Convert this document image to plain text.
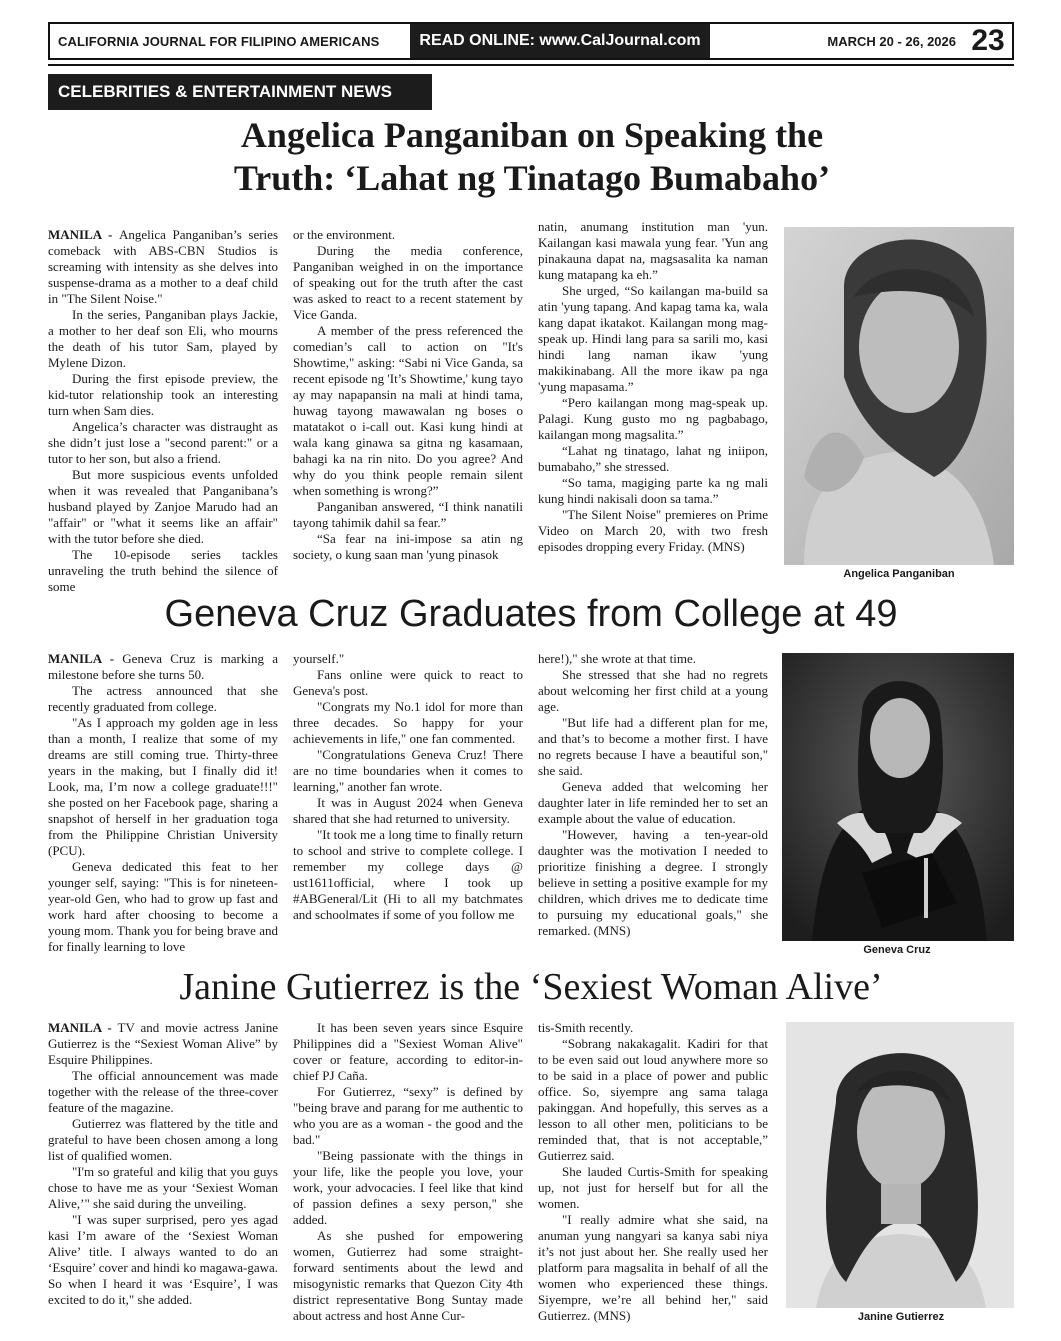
CALIFORNIA JOURNAL FOR FILIPINO AMERICANS	READ ONLINE: www.CalJournal.com	MARCH 20 - 26, 2026 23
CELEBRITIES & ENTERTAINMENT NEWS
Angelica Panganiban on Speaking the
Truth: ‘Lahat ng Tinatago Bumabaho’

MANILA - Angelica Panganiban’s series comeback with ABS-CBN Studios is screaming with intensity as she delves into suspense-drama as a mother to a deaf child in "The Silent Noise."

In the series, Panganiban plays Jackie, a mother to her deaf son Eli, who mourns the death of his tutor Sam, played by Mylene Dizon.

During the first episode preview, the kid-tutor relationship took an interesting turn when Sam dies.

Angelica’s character was distraught as she didn’t just lose a "second parent:" or a tutor to her son, but also a friend.

But more suspicious events unfolded when it was revealed that Panganibana’s husband played by Zanjoe Marudo had an "affair" or "what it seems like an affair" with the tutor before she died.

The 10-episode series tackles unraveling the truth behind the silence of some

or the environment.

During the media conference, Panganiban weighed in on the importance of speaking out for the truth after the cast was asked to react to a recent statement by Vice Ganda.

A member of the press referenced the comedian’s call to action on "It's Showtime," asking: “Sabi ni Vice Ganda, sa recent episode ng 'It’s Showtime,' kung tayo ay may napapansin na mali at hindi tama, huwag tayong mawawalan ng boses o matatakot o i-call out. Kasi kung hindi at wala kang ginawa sa gitna ng kasamaan, bahagi ka na rin nito. Do you agree? And why do you think people remain silent when something is wrong?”

Panganiban answered, “I think nanatili tayong tahimik dahil sa fear.”

“Sa fear na ini-impose sa atin ng society, o kung saan man 'yung pinasok

natin, anumang institution man 'yun. Kailangan kasi mawala yung fear. 'Yun ang pinakauna dapat na, magsasalita ka naman kung matapang ka eh.”

She urged, “So kailangan ma-build sa atin 'yung tapang. And kapag tama ka, wala kang dapat ikatakot. Kailangan mong mag-speak up. Hindi lang para sa sarili mo, kasi hindi lang naman ikaw 'yung makikinabang. All the more ikaw pa nga 'yung mapasama.”

“Pero kailangan mong mag-speak up. Palagi. Kung gusto mo ng pagbabago, kailangan mong magsalita.”

“Lahat ng tinatago, lahat ng iniipon, bumabaho,” she stressed.

“So tama, magiging parte ka ng mali kung hindi nakisali doon sa tama.”

"The Silent Noise" premieres on Prime Video on March 20, with two fresh episodes dropping every Friday. (MNS)

Angelica Panganiban
Geneva Cruz Graduates from College at 49

MANILA - Geneva Cruz is marking a milestone before she turns 50.

The actress announced that she recently graduated from college.

"As I approach my golden age in less than a month, I realize that some of my dreams are still coming true. Thirty-three years in the making, but I finally did it! Look, ma, I’m now a college graduate!!!" she posted on her Facebook page, sharing a snapshot of herself in her graduation toga from the Philippine Christian University (PCU).

Geneva dedicated this feat to her younger self, saying: "This is for nineteen-year-old Gen, who had to grow up fast and work hard after choosing to become a young mom. Thank you for being brave and for finally learning to love

yourself."

Fans online were quick to react to Geneva's post.

"Congrats my No.1 idol for more than three decades. So happy for your achievements in life," one fan commented.

"Congratulations Geneva Cruz! There are no time boundaries when it comes to learning," another fan wrote.

It was in August 2024 when Geneva shared that she had returned to university.

"It took me a long time to finally return to school and strive to complete college. I remember my college days @ ust1611official, where I took up #ABGeneral/Lit (Hi to all my batchmates and schoolmates if some of you follow me

here!)," she wrote at that time.

She stressed that she had no regrets about welcoming her first child at a young age.

"But life had a different plan for me, and that’s to become a mother first. I have no regrets because I have a beautiful son," she said.

Geneva added that welcoming her daughter later in life reminded her to set an example about the value of education.

"However, having a ten-year-old daughter was the motivation I needed to prioritize finishing a degree. I strongly believe in setting a positive example for my children, which drives me to dedicate time to pursuing my educational goals," she remarked. (MNS)

Geneva Cruz
Janine Gutierrez is the ‘Sexiest Woman Alive’

MANILA - TV and movie actress Janine Gutierrez is the “Sexiest Woman Alive” by Esquire Philippines.

The official announcement was made together with the release of the three-cover feature of the magazine.

Gutierrez was flattered by the title and grateful to have been chosen among a long list of qualified women.

"I'm so grateful and kilig that you guys chose to have me as your ‘Sexiest Woman Alive,’" she said during the unveiling.

"I was super surprised, pero yes agad kasi I’m aware of the ‘Sexiest Woman Alive’ title. I always wanted to do an ‘Esquire’ cover and hindi ko magawa-gawa. So when I heard it was ‘Esquire’, I was excited to do it," she added.

It has been seven years since Esquire Philippines did a "Sexiest Woman Alive" cover or feature, according to editor-in-chief PJ Caña.

For Gutierrez, “sexy” is defined by "being brave and parang for me authentic to who you are as a woman - the good and the bad."

"Being passionate with the things in your life, like the people you love, your work, your advocacies. I feel like that kind of passion defines a sexy person," she added.

As she pushed for empowering women, Gutierrez had some straight-forward sentiments about the lewd and misogynistic remarks that Quezon City 4th district representative Bong Suntay made about actress and host Anne Cur-

tis-Smith recently.

“Sobrang nakakagalit. Kadiri for that to be even said out loud anywhere more so to be said in a place of power and public office. So, siyempre ang sama talaga pakinggan. And hopefully, this serves as a lesson to all other men, politicians to be reminded that, that is not acceptable,” Gutierrez said.

She lauded Curtis-Smith for speaking up, not just for herself but for all the women.

"I really admire what she said, na anuman yung nangyari sa kanya sabi niya it’s not just about her. She really used her platform para magsalita in behalf of all the women who experienced these things. Siyempre, we’re all behind her," said Gutierrez. (MNS)	Janine Gutierrez
